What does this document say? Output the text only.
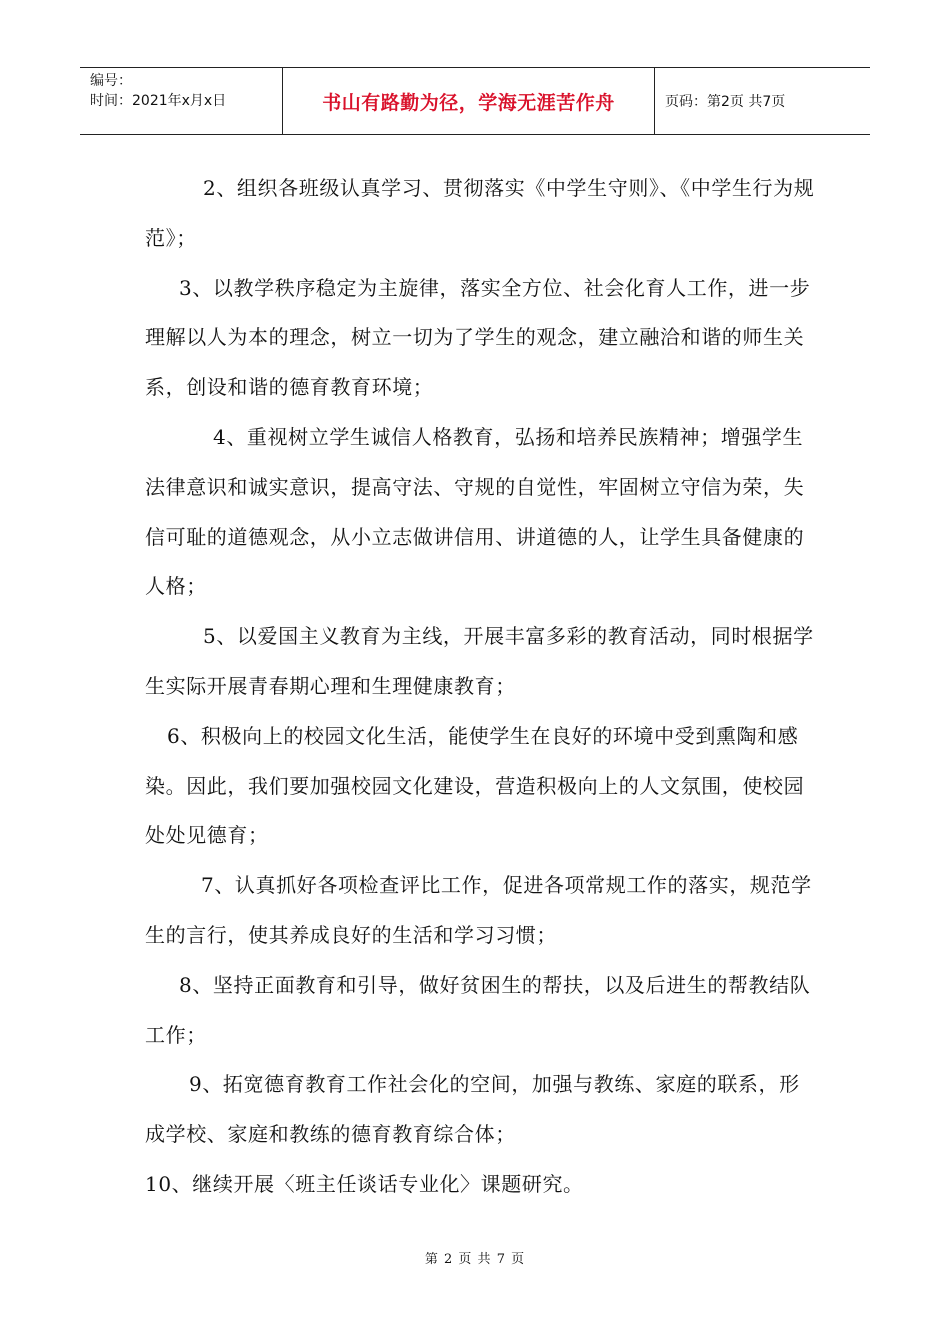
编号：
时间：2021年x月x日	书山有路勤为径，学海无涯苦作舟	页码：第2页 共7页

2、组织各班级认真学习、贯彻落实《中学生守则》、《中学生行为规范》；

3、以教学秩序稳定为主旋律，落实全方位、社会化育人工作，进一步理解以人为本的理念，树立一切为了学生的观念，建立融洽和谐的师生关系，创设和谐的德育教育环境；

4、重视树立学生诚信人格教育，弘扬和培养民族精神；增强学生法律意识和诚实意识，提高守法、守规的自觉性，牢固树立守信为荣，失信可耻的道德观念，从小立志做讲信用、讲道德的人，让学生具备健康的人格；

5、以爱国主义教育为主线，开展丰富多彩的教育活动，同时根据学生实际开展青春期心理和生理健康教育；

6、积极向上的校园文化生活，能使学生在良好的环境中受到熏陶和感染。因此，我们要加强校园文化建设，营造积极向上的人文氛围，使校园处处见德育；

7、认真抓好各项检查评比工作，促进各项常规工作的落实，规范学生的言行，使其养成良好的生活和学习习惯；

8、坚持正面教育和引导，做好贫困生的帮扶，以及后进生的帮教结队工作；

9、拓宽德育教育工作社会化的空间，加强与教练、家庭的联系，形成学校、家庭和教练的德育教育综合体；

10、继续开展〈班主任谈话专业化〉课题研究。

第 2 页 共 7 页
